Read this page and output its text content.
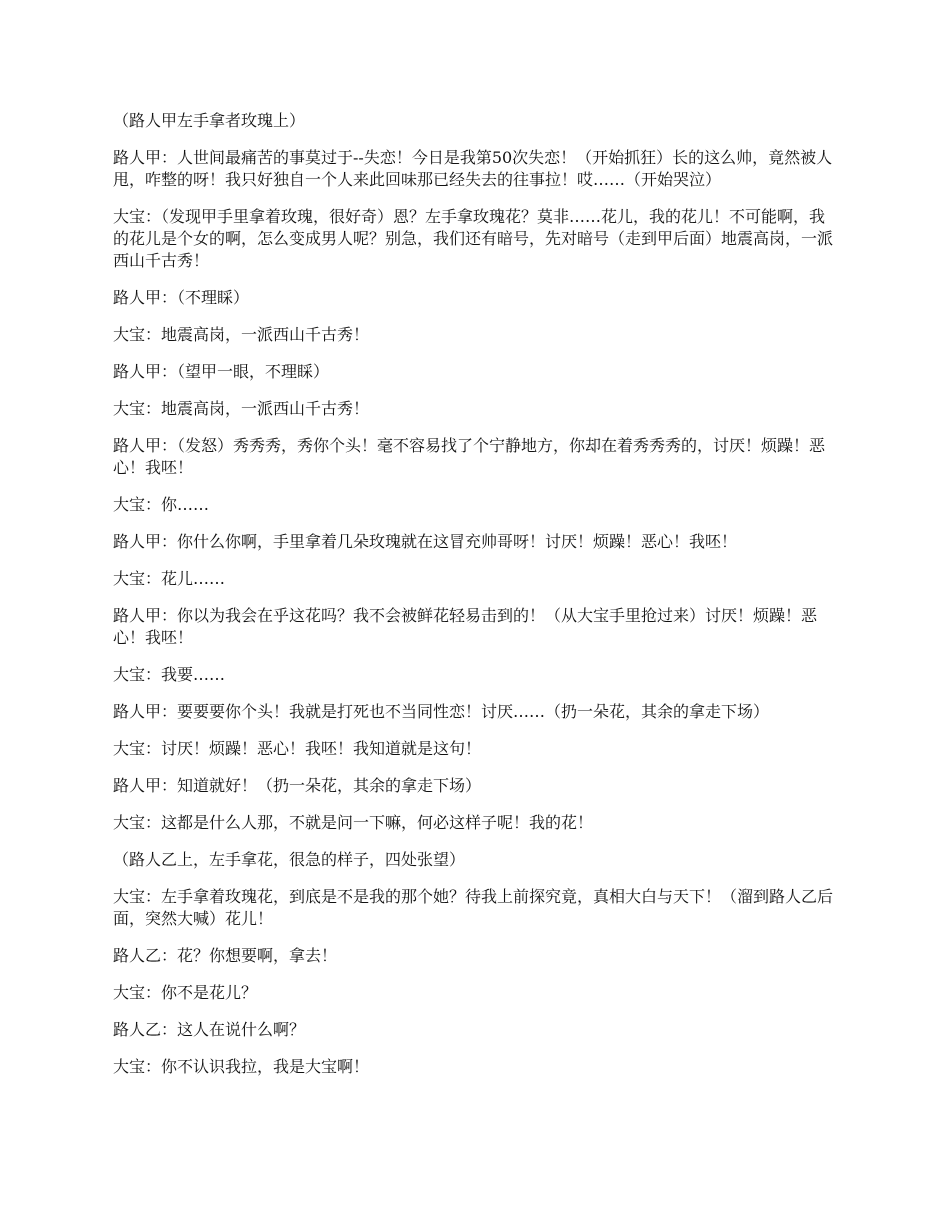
（路人甲左手拿者玫瑰上）

路人甲：人世间最痛苦的事莫过于--失恋！今日是我第50次失恋！（开始抓狂）长的这么帅，竟然被人甩，咋整的呀！我只好独自一个人来此回味那已经失去的往事拉！哎……（开始哭泣）

大宝：（发现甲手里拿着玫瑰，很好奇）恩？左手拿玫瑰花？莫非……花儿，我的花儿！不可能啊，我的花儿是个女的啊，怎么变成男人呢？别急，我们还有暗号，先对暗号（走到甲后面）地震高岗，一派西山千古秀！

路人甲：（不理睬）

大宝：地震高岗，一派西山千古秀！

路人甲：（望甲一眼，不理睬）

大宝：地震高岗，一派西山千古秀！

路人甲：（发怒）秀秀秀，秀你个头！毫不容易找了个宁静地方，你却在着秀秀秀的，讨厌！烦躁！恶心！我呸！

大宝：你……

路人甲：你什么你啊，手里拿着几朵玫瑰就在这冒充帅哥呀！讨厌！烦躁！恶心！我呸！

大宝：花儿……

路人甲：你以为我会在乎这花吗？我不会被鲜花轻易击到的！（从大宝手里抢过来）讨厌！烦躁！恶心！我呸！

大宝：我要……

路人甲：要要要你个头！我就是打死也不当同性恋！讨厌……（扔一朵花，其余的拿走下场）

大宝：讨厌！烦躁！恶心！我呸！我知道就是这句！

路人甲：知道就好！（扔一朵花，其余的拿走下场）

大宝：这都是什么人那，不就是问一下嘛，何必这样子呢！我的花！

（路人乙上，左手拿花，很急的样子，四处张望）

大宝：左手拿着玫瑰花，到底是不是我的那个她？待我上前探究竟，真相大白与天下！（溜到路人乙后面，突然大喊）花儿！

路人乙：花？你想要啊，拿去！

大宝：你不是花儿？

路人乙：这人在说什么啊？

大宝：你不认识我拉，我是大宝啊！
